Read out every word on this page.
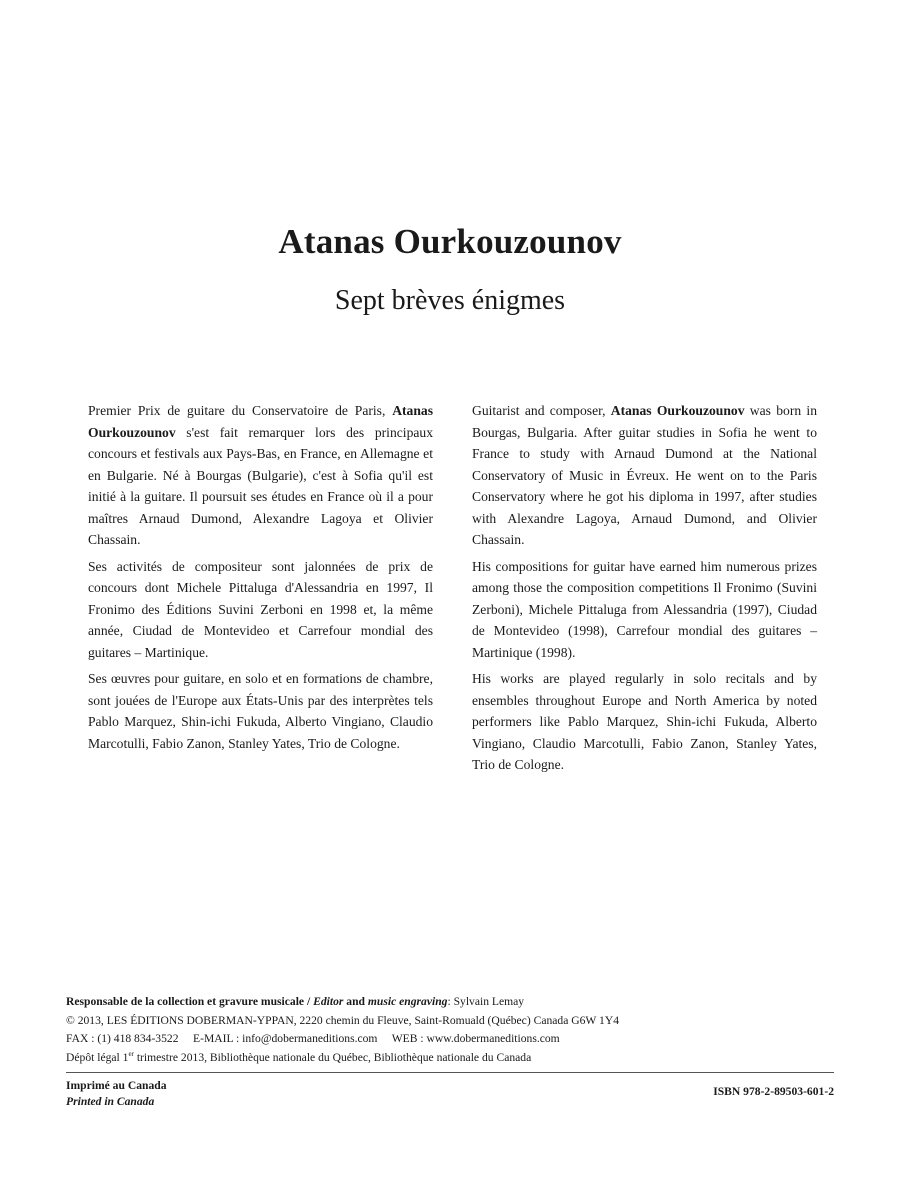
Atanas Ourkouzounov
Sept brèves énigmes

Premier Prix de guitare du Conservatoire de Paris, Atanas Ourkouzounov s'est fait remarquer lors des principaux concours et festivals aux Pays-Bas, en France, en Allemagne et en Bulgarie. Né à Bourgas (Bulgarie), c'est à Sofia qu'il est initié à la guitare. Il poursuit ses études en France où il a pour maîtres Arnaud Dumond, Alexandre Lagoya et Olivier Chassain.

Ses activités de compositeur sont jalonnées de prix de concours dont Michele Pittaluga d'Alessandria en 1997, Il Fronimo des Éditions Suvini Zerboni en 1998 et, la même année, Ciudad de Montevideo et Carrefour mondial des guitares – Martinique.

Ses œuvres pour guitare, en solo et en formations de chambre, sont jouées de l'Europe aux États-Unis par des interprètes tels Pablo Marquez, Shin-ichi Fukuda, Alberto Vingiano, Claudio Marcotulli, Fabio Zanon, Stanley Yates, Trio de Cologne.

Guitarist and composer, Atanas Ourkouzounov was born in Bourgas, Bulgaria. After guitar studies in Sofia he went to France to study with Arnaud Dumond at the National Conservatory of Music in Évreux. He went on to the Paris Conservatory where he got his diploma in 1997, after studies with Alexandre Lagoya, Arnaud Dumond, and Olivier Chassain.

His compositions for guitar have earned him numerous prizes among those the composition competitions Il Fronimo (Suvini Zerboni), Michele Pittaluga from Alessandria (1997), Ciudad de Montevideo (1998), Carrefour mondial des guitares – Martinique (1998).

His works are played regularly in solo recitals and by ensembles throughout Europe and North America by noted performers like Pablo Marquez, Shin-ichi Fukuda, Alberto Vingiano, Claudio Marcotulli, Fabio Zanon, Stanley Yates, Trio de Cologne.

Responsable de la collection et gravure musicale / Editor and music engraving: Sylvain Lemay
© 2013, LES ÉDITIONS DOBERMAN-YPPAN, 2220 chemin du Fleuve, Saint-Romuald (Québec) Canada G6W 1Y4
FAX : (1) 418 834-3522 E-MAIL : info@dobermaneditions.com WEB : www.dobermaneditions.com
Dépôt légal 1er trimestre 2013, Bibliothèque nationale du Québec, Bibliothèque nationale du Canada
Imprimé au Canada
Printed in Canada
ISBN 978-2-89503-601-2
